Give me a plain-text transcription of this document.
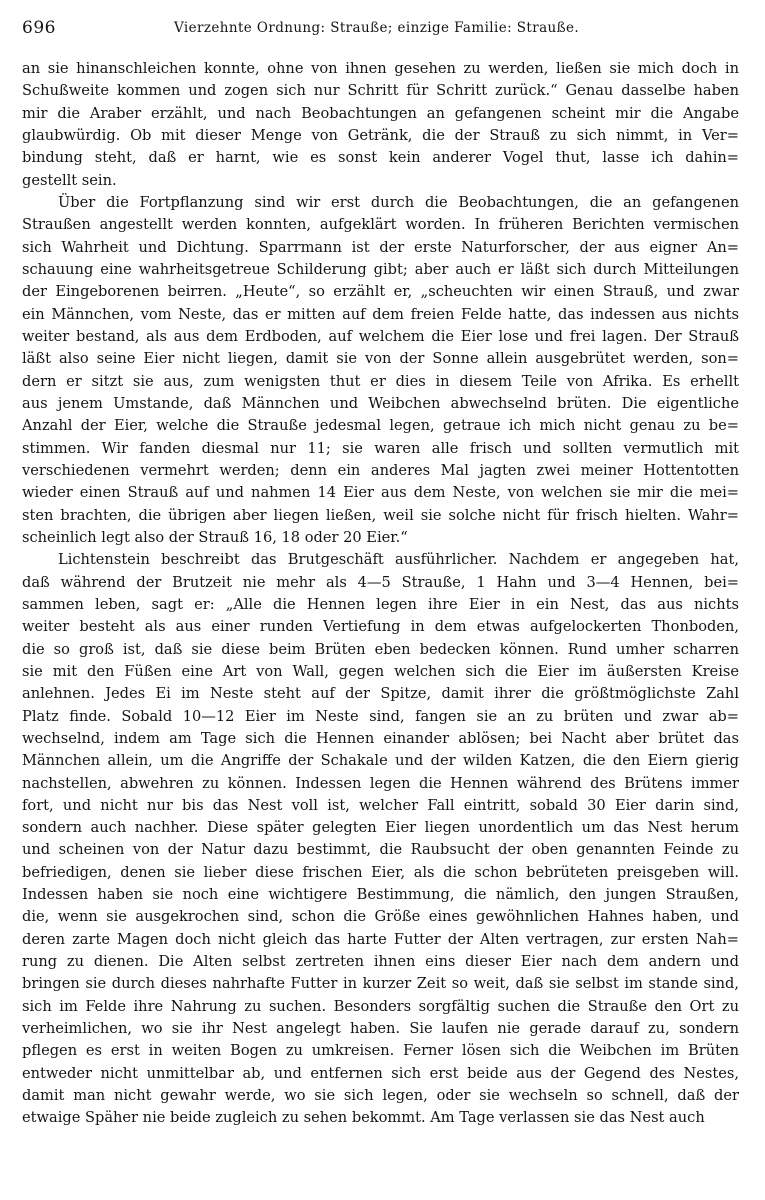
696	Vierzehnte Ordnung: Strauße; einzige Familie: Strauße.
an sie hinanschleichen konnte, ohne von ihnen gesehen zu werden, ließen sie mich doch in
Schußweite kommen und zogen sich nur Schritt für Schritt zurück.“ Genau dasselbe haben
mir die Araber erzählt, und nach Beobachtungen an gefangenen scheint mir die Angabe
glaubwürdig. Ob mit dieser Menge von Getränk, die der Strauß zu sich nimmt, in Ver=
bindung steht, daß er harnt, wie es sonst kein anderer Vogel thut, lasse ich dahin=
gestellt sein.
Über die Fortpflanzung sind wir erst durch die Beobachtungen, die an gefangenen
Straußen angestellt werden konnten, aufgeklärt worden. In früheren Berichten vermischen
sich Wahrheit und Dichtung. Sparrmann ist der erste Naturforscher, der aus eigner An=
schauung eine wahrheitsgetreue Schilderung gibt; aber auch er läßt sich durch Mitteilungen
der Eingeborenen beirren. „Heute“, so erzählt er, „scheuchten wir einen Strauß, und zwar
ein Männchen, vom Neste, das er mitten auf dem freien Felde hatte, das indessen aus nichts
weiter bestand, als aus dem Erdboden, auf welchem die Eier lose und frei lagen. Der Strauß
läßt also seine Eier nicht liegen, damit sie von der Sonne allein ausgebrütet werden, son=
dern er sitzt sie aus, zum wenigsten thut er dies in diesem Teile von Afrika. Es erhellt
aus jenem Umstande, daß Männchen und Weibchen abwechselnd brüten. Die eigentliche
Anzahl der Eier, welche die Strauße jedesmal legen, getraue ich mich nicht genau zu be=
stimmen. Wir fanden diesmal nur 11; sie waren alle frisch und sollten vermutlich mit
verschiedenen vermehrt werden; denn ein anderes Mal jagten zwei meiner Hottentotten
wieder einen Strauß auf und nahmen 14 Eier aus dem Neste, von welchen sie mir die mei=
sten brachten, die übrigen aber liegen ließen, weil sie solche nicht für frisch hielten. Wahr=
scheinlich legt also der Strauß 16, 18 oder 20 Eier.“
Lichtenstein beschreibt das Brutgeschäft ausführlicher. Nachdem er angegeben hat,
daß während der Brutzeit nie mehr als 4—5 Strauße, 1 Hahn und 3—4 Hennen, bei=
sammen leben, sagt er: „Alle die Hennen legen ihre Eier in ein Nest, das aus nichts
weiter besteht als aus einer runden Vertiefung in dem etwas aufgelockerten Thonboden,
die so groß ist, daß sie diese beim Brüten eben bedecken können. Rund umher scharren
sie mit den Füßen eine Art von Wall, gegen welchen sich die Eier im äußersten Kreise
anlehnen. Jedes Ei im Neste steht auf der Spitze, damit ihrer die größtmöglichste Zahl
Platz finde. Sobald 10—12 Eier im Neste sind, fangen sie an zu brüten und zwar ab=
wechselnd, indem am Tage sich die Hennen einander ablösen; bei Nacht aber brütet das
Männchen allein, um die Angriffe der Schakale und der wilden Katzen, die den Eiern gierig
nachstellen, abwehren zu können. Indessen legen die Hennen während des Brütens immer
fort, und nicht nur bis das Nest voll ist, welcher Fall eintritt, sobald 30 Eier darin sind,
sondern auch nachher. Diese später gelegten Eier liegen unordentlich um das Nest herum
und scheinen von der Natur dazu bestimmt, die Raubsucht der oben genannten Feinde zu
befriedigen, denen sie lieber diese frischen Eier, als die schon bebrüteten preisgeben will.
Indessen haben sie noch eine wichtigere Bestimmung, die nämlich, den jungen Straußen,
die, wenn sie ausgekrochen sind, schon die Größe eines gewöhnlichen Hahnes haben, und
deren zarte Magen doch nicht gleich das harte Futter der Alten vertragen, zur ersten Nah=
rung zu dienen. Die Alten selbst zertreten ihnen eins dieser Eier nach dem andern und
bringen sie durch dieses nahrhafte Futter in kurzer Zeit so weit, daß sie selbst im stande sind,
sich im Felde ihre Nahrung zu suchen. Besonders sorgfältig suchen die Strauße den Ort zu
verheimlichen, wo sie ihr Nest angelegt haben. Sie laufen nie gerade darauf zu, sondern
pflegen es erst in weiten Bogen zu umkreisen. Ferner lösen sich die Weibchen im Brüten
entweder nicht unmittelbar ab, und entfernen sich erst beide aus der Gegend des Nestes,
damit man nicht gewahr werde, wo sie sich legen, oder sie wechseln so schnell, daß der
etwaige Späher nie beide zugleich zu sehen bekommt. Am Tage verlassen sie das Nest auch
